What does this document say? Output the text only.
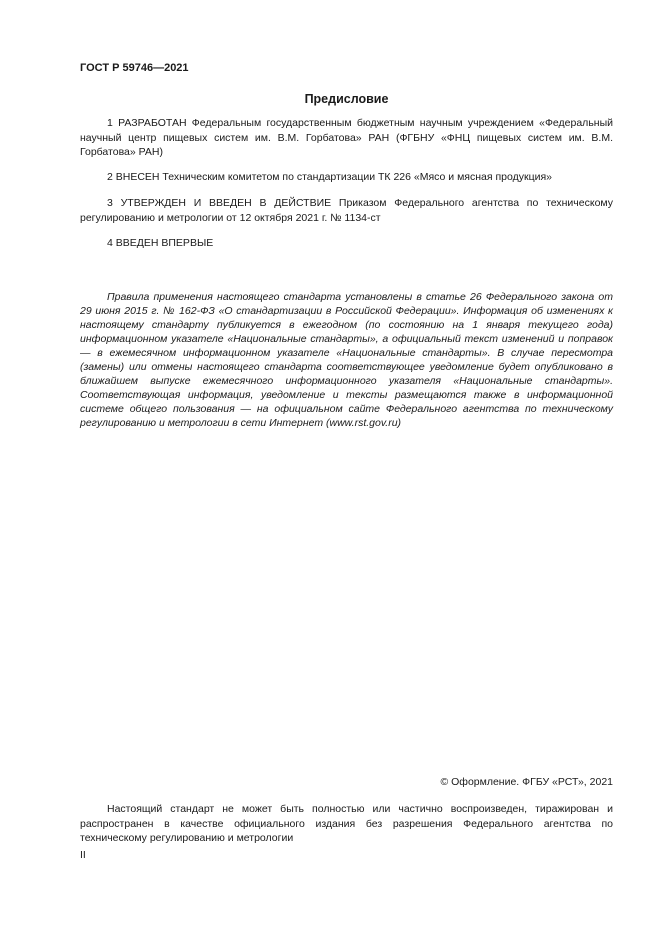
ГОСТ Р 59746—2021
Предисловие

1 РАЗРАБОТАН Федеральным государственным бюджетным научным учреждением «Федеральный научный центр пищевых систем им. В.М. Горбатова» РАН (ФГБНУ «ФНЦ пищевых систем им. В.М. Горбатова» РАН)

2 ВНЕСЕН Техническим комитетом по стандартизации ТК 226 «Мясо и мясная продукция»

3 УТВЕРЖДЕН И ВВЕДЕН В ДЕЙСТВИЕ Приказом Федерального агентства по техническому регулированию и метрологии от 12 октября 2021 г. № 1134-ст

4 ВВЕДЕН ВПЕРВЫЕ

Правила применения настоящего стандарта установлены в статье 26 Федерального закона от 29 июня 2015 г. № 162-ФЗ «О стандартизации в Российской Федерации». Информация об изменениях к настоящему стандарту публикуется в ежегодном (по состоянию на 1 января текущего года) информационном указателе «Национальные стандарты», а официальный текст изменений и поправок — в ежемесячном информационном указателе «Национальные стандарты». В случае пересмотра (замены) или отмены настоящего стандарта соответствующее уведомление будет опубликовано в ближайшем выпуске ежемесячного информационного указателя «Национальные стандарты». Соответствующая информация, уведомление и тексты размещаются также в информационной системе общего пользования — на официальном сайте Федерального агентства по техническому регулированию и метрологии в сети Интернет (www.rst.gov.ru)

© Оформление. ФГБУ «РСТ», 2021

Настоящий стандарт не может быть полностью или частично воспроизведен, тиражирован и распространен в качестве официального издания без разрешения Федерального агентства по техническому регулированию и метрологии

II
